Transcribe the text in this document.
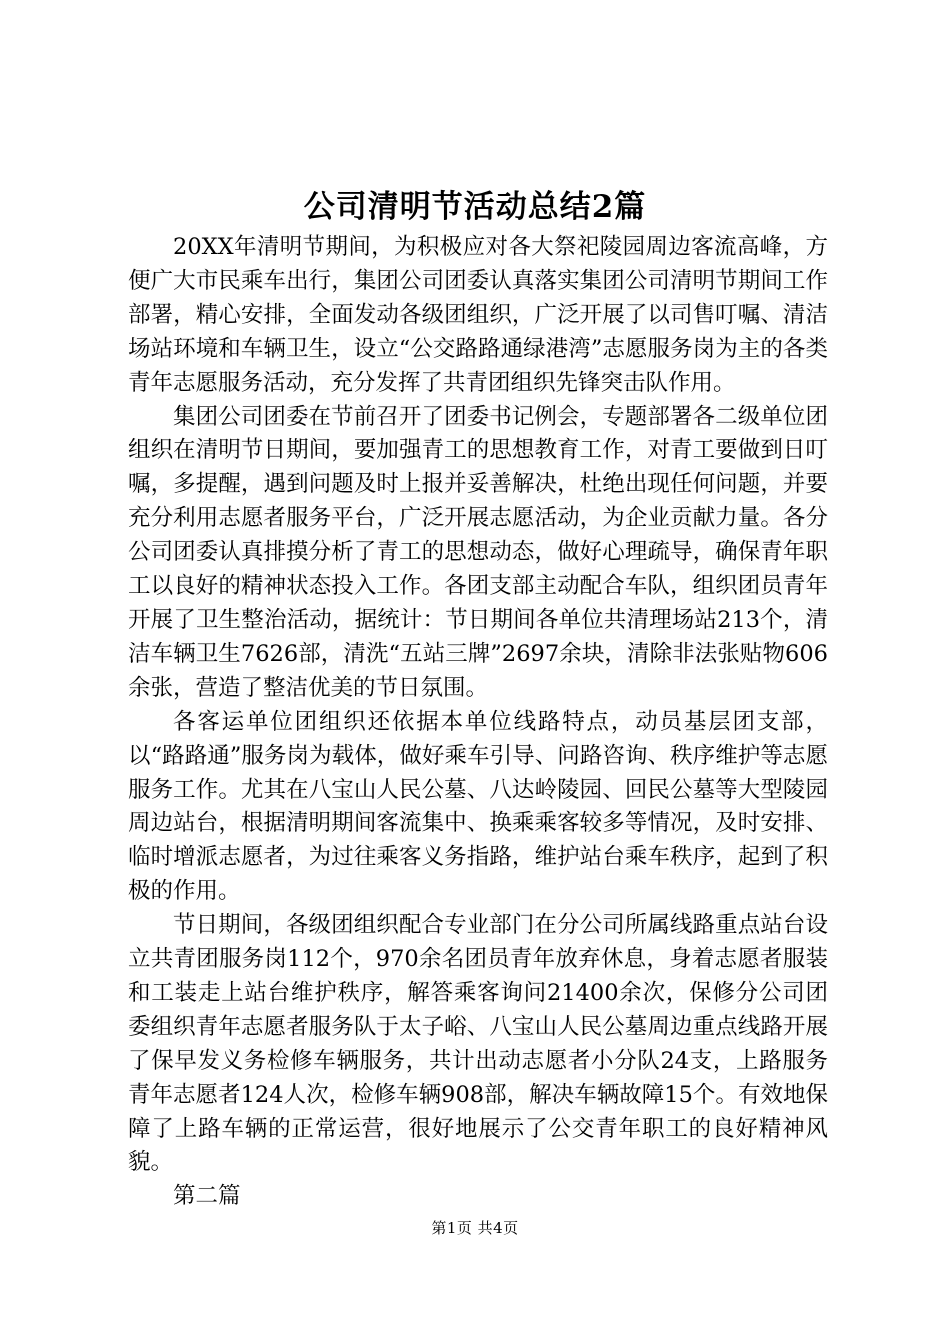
公司清明节活动总结2篇

20XX年清明节期间，为积极应对各大祭祀陵园周边客流高峰，方便广大市民乘车出行，集团公司团委认真落实集团公司清明节期间工作部署，精心安排，全面发动各级团组织，广泛开展了以司售叮嘱、清洁场站环境和车辆卫生，设立“公交路路通绿港湾”志愿服务岗为主的各类青年志愿服务活动，充分发挥了共青团组织先锋突击队作用。

集团公司团委在节前召开了团委书记例会，专题部署各二级单位团组织在清明节日期间，要加强青工的思想教育工作，对青工要做到日叮嘱，多提醒，遇到问题及时上报并妥善解决，杜绝出现任何问题，并要充分利用志愿者服务平台，广泛开展志愿活动，为企业贡献力量。各分公司团委认真排摸分析了青工的思想动态，做好心理疏导，确保青年职工以良好的精神状态投入工作。各团支部主动配合车队，组织团员青年开展了卫生整治活动，据统计：节日期间各单位共清理场站213个，清洁车辆卫生7626部，清洗“五站三牌”2697余块，清除非法张贴物606余张，营造了整洁优美的节日氛围。

各客运单位团组织还依据本单位线路特点，动员基层团支部，以“路路通”服务岗为载体，做好乘车引导、问路咨询、秩序维护等志愿服务工作。尤其在八宝山人民公墓、八达岭陵园、回民公墓等大型陵园周边站台，根据清明期间客流集中、换乘乘客较多等情况，及时安排、临时增派志愿者，为过往乘客义务指路，维护站台乘车秩序，起到了积极的作用。

节日期间，各级团组织配合专业部门在分公司所属线路重点站台设立共青团服务岗112个，970余名团员青年放弃休息，身着志愿者服装和工装走上站台维护秩序，解答乘客询问21400余次，保修分公司团委组织青年志愿者服务队于太子峪、八宝山人民公墓周边重点线路开展了保早发义务检修车辆服务，共计出动志愿者小分队24支，上路服务青年志愿者124人次，检修车辆908部，解决车辆故障15个。有效地保障了上路车辆的正常运营，很好地展示了公交青年职工的良好精神风貌。

第二篇

第1页 共4页
